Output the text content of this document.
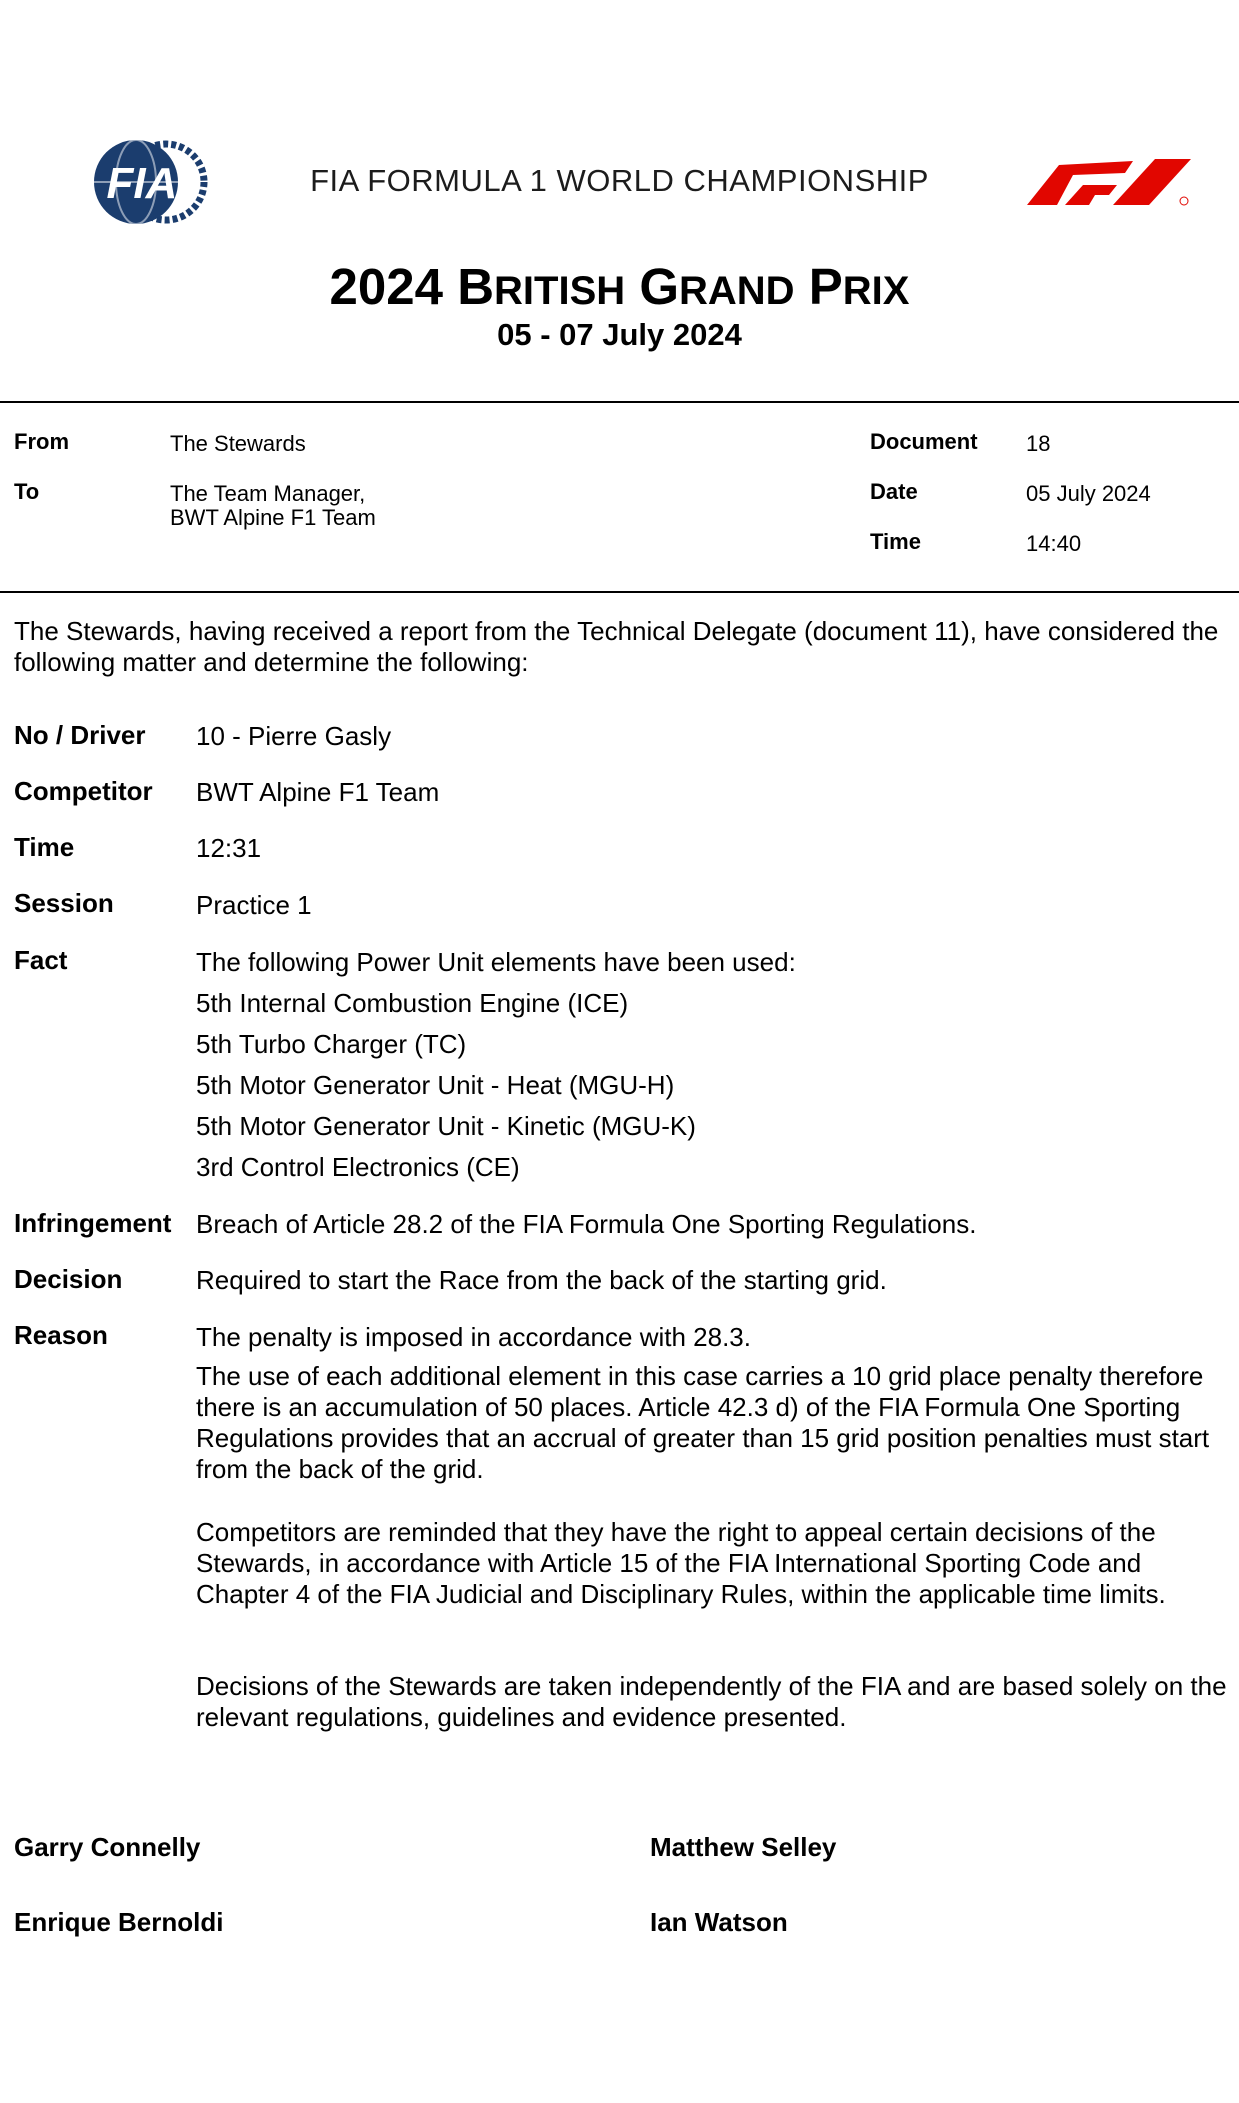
FIA	FIA FORMULA 1 WORLD CHAMPIONSHIP
2024 BRITISH GRAND PRIX
05 - 07 July 2024
From	The Stewards
To	The Team Manager,
BWT Alpine F1 Team
Document 18
Date	05 July 2024
Time	14:40
The Stewards, having received a report from the Technical Delegate (document 11), have considered the following matter and determine the following:
No / Driver 10 - Pierre Gasly
Competitor BWT Alpine F1 Team
Time	12:31
Session	Practice 1
Fact	The following Power Unit elements have been used:
5th Internal Combustion Engine (ICE)
5th Turbo Charger (TC)
5th Motor Generator Unit - Heat (MGU-H)
5th Motor Generator Unit - Kinetic (MGU-K)
3rd Control Electronics (CE)
Infringement Breach of Article 28.2 of the FIA Formula One Sporting Regulations.
Decision	Required to start the Race from the back of the starting grid.
Reason	The penalty is imposed in accordance with 28.3.
The use of each additional element in this case carries a 10 grid place penalty therefore there is an accumulation of 50 places. Article 42.3 d) of the FIA Formula One Sporting Regulations provides that an accrual of greater than 15 grid position penalties must start from the back of the grid.
Competitors are reminded that they have the right to appeal certain decisions of the Stewards, in accordance with Article 15 of the FIA International Sporting Code and Chapter 4 of the FIA Judicial and Disciplinary Rules, within the applicable time limits.
Decisions of the Stewards are taken independently of the FIA and are based solely on the relevant regulations, guidelines and evidence presented.
Garry Connelly	Matthew Selley
Enrique Bernoldi	Ian Watson
